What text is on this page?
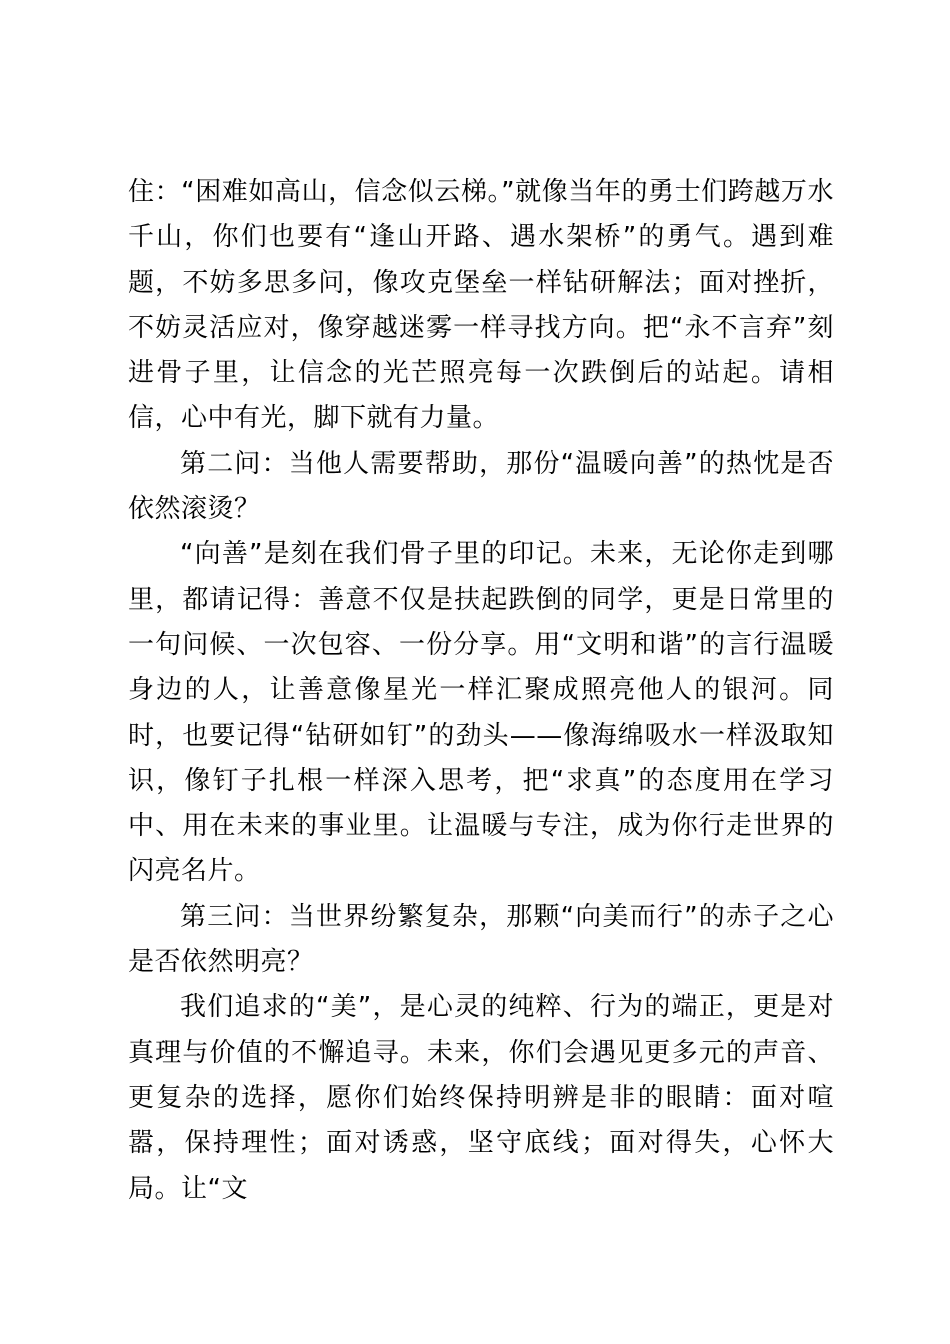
住：“困难如高山，信念似云梯。”就像当年的勇士们跨越万水千山，你们也要有“逢山开路、遇水架桥”的勇气。遇到难题，不妨多思多问，像攻克堡垒一样钻研解法；面对挫折，不妨灵活应对，像穿越迷雾一样寻找方向。把“永不言弃”刻进骨子里，让信念的光芒照亮每一次跌倒后的站起。请相信，心中有光，脚下就有力量。

第二问：当他人需要帮助，那份“温暖向善”的热忱是否依然滚烫？

“向善”是刻在我们骨子里的印记。未来，无论你走到哪里，都请记得：善意不仅是扶起跌倒的同学，更是日常里的一句问候、一次包容、一份分享。用“文明和谐”的言行温暖身边的人，让善意像星光一样汇聚成照亮他人的银河。同时，也要记得“钻研如钉”的劲头——像海绵吸水一样汲取知识，像钉子扎根一样深入思考，把“求真”的态度用在学习中、用在未来的事业里。让温暖与专注，成为你行走世界的闪亮名片。

第三问：当世界纷繁复杂，那颗“向美而行”的赤子之心是否依然明亮？

我们追求的“美”，是心灵的纯粹、行为的端正，更是对真理与价值的不懈追寻。未来，你们会遇见更多元的声音、更复杂的选择，愿你们始终保持明辨是非的眼睛：面对喧嚣，保持理性；面对诱惑，坚守底线；面对得失，心怀大局。让“文
